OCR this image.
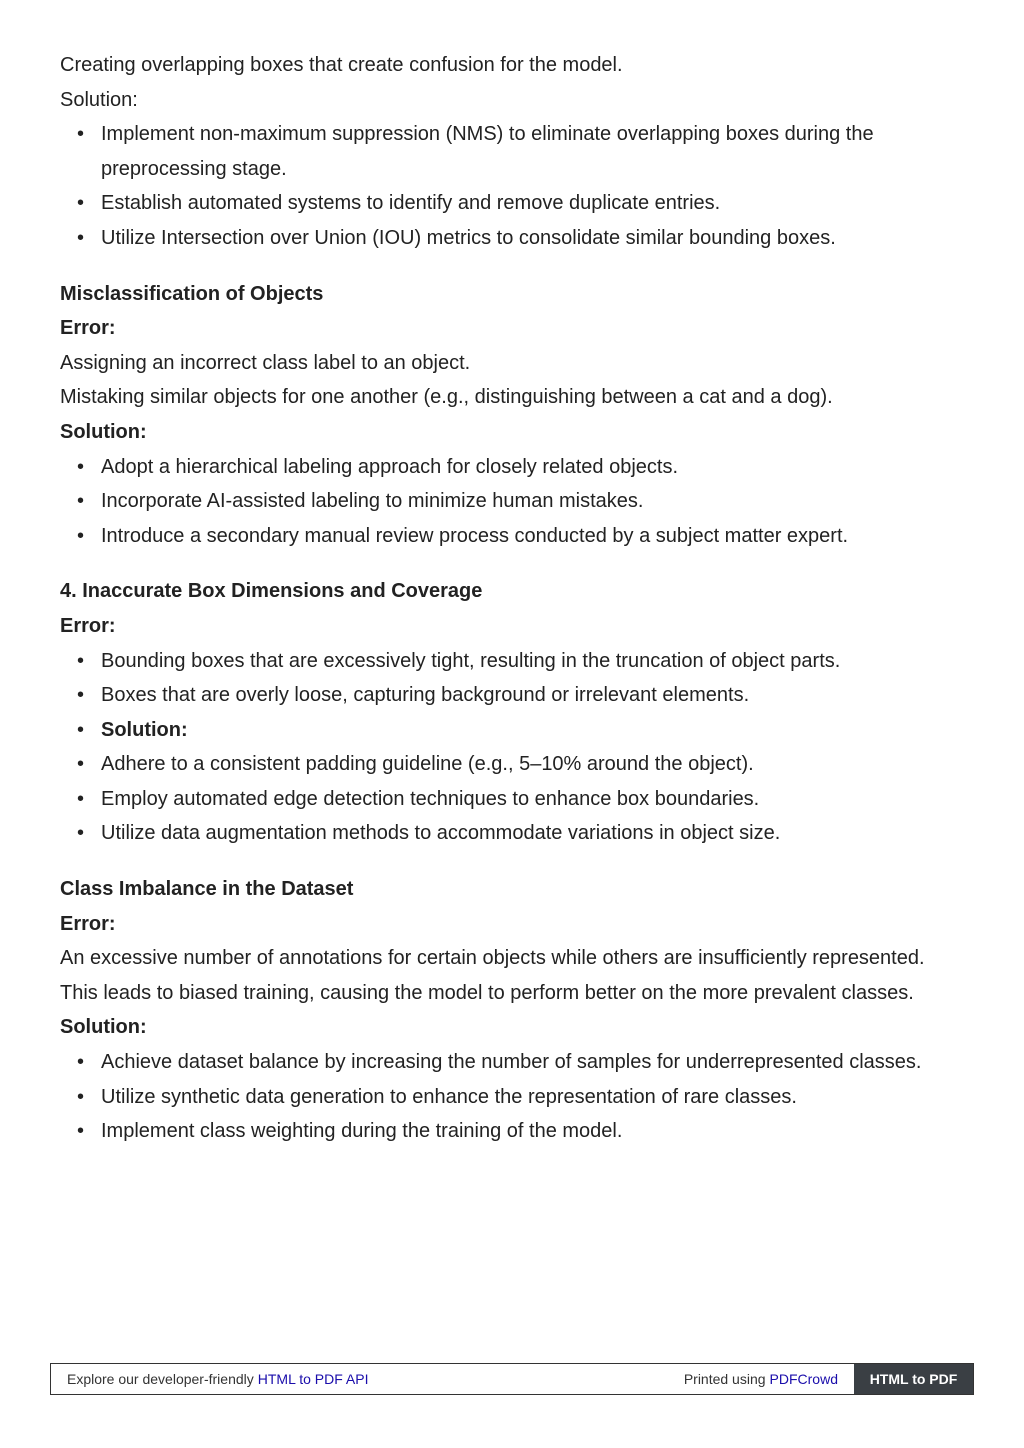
Creating overlapping boxes that create confusion for the model.
Solution:
• Implement non-maximum suppression (NMS) to eliminate overlapping boxes during the preprocessing stage.
• Establish automated systems to identify and remove duplicate entries.
• Utilize Intersection over Union (IOU) metrics to consolidate similar bounding boxes.
Misclassification of Objects
Error:
Assigning an incorrect class label to an object.
Mistaking similar objects for one another (e.g., distinguishing between a cat and a dog).
Solution:
• Adopt a hierarchical labeling approach for closely related objects.
• Incorporate AI-assisted labeling to minimize human mistakes.
• Introduce a secondary manual review process conducted by a subject matter expert.
4. Inaccurate Box Dimensions and Coverage
Error:
• Bounding boxes that are excessively tight, resulting in the truncation of object parts.
• Boxes that are overly loose, capturing background or irrelevant elements.
• Solution:
• Adhere to a consistent padding guideline (e.g., 5–10% around the object).
• Employ automated edge detection techniques to enhance box boundaries.
• Utilize data augmentation methods to accommodate variations in object size.
Class Imbalance in the Dataset
Error:
An excessive number of annotations for certain objects while others are insufficiently represented.
This leads to biased training, causing the model to perform better on the more prevalent classes.
Solution:
• Achieve dataset balance by increasing the number of samples for underrepresented classes.
• Utilize synthetic data generation to enhance the representation of rare classes.
• Implement class weighting during the training of the model.
Explore our developer-friendly HTML to PDF API	Printed using PDFCrowd	HTML to PDF
